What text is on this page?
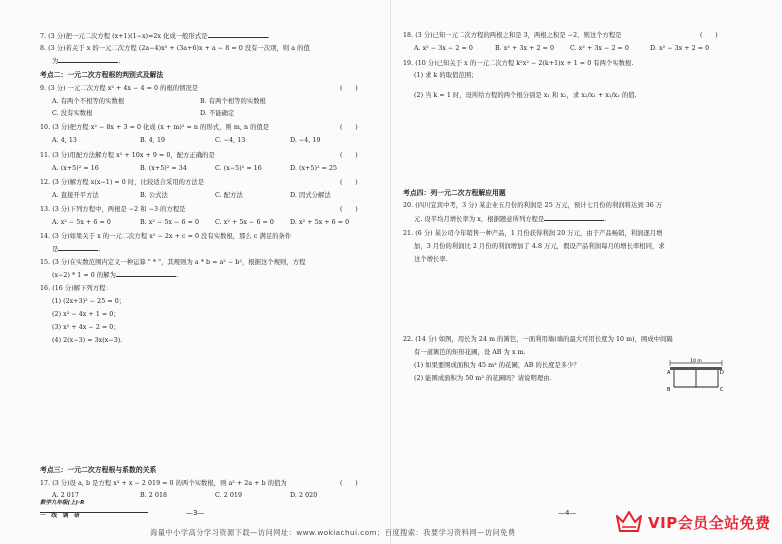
7. (3 分)把一元二次方程 (x+1)(1−x)=2x 化成一般形式是	.
8. (3 分)若关于 x 的一元二次方程 (2a−4)x² + (3a+6)x + a − 8 = 0 没有一次项，则 a 的值
为	.
考点二：一元二次方程根的判别式及解法
9. (3 分) 一元二次方程 x² + 4x − 4 = 0 的根的情况是	(　　)
A. 有两个不相等的实数根	B. 有两个相等的实数根
C. 没有实数根	D. 不能确定
10. (3 分)把方程 x² − 8x + 3 = 0 化成 (x + m)² = n 的形式，则 m, n 的值是	(　　)
A. 4, 13	B. 4, 19	C. −4, 13	D. −4, 19
11. (3 分)用配方法解方程 x² + 10x + 9 = 0，配方正确的是	(　　)
A. (x+5)² = 16	B. (x+5)² = 34	C. (x−5)² = 16	D. (x+5)² = 25
12. (3 分)解方程 x(x−1) = 0 时，比较适合采用的方法是	(　　)
A. 直接开平方法	B. 公式法	C. 配方法	D. 因式分解法
13. (3 分)下列方程中，两根是 −2 和 −3 的方程是	(　　)
A. x² − 5x + 6 = 0	B. x² − 5x − 6 = 0	C. x² + 5x − 6 = 0	D. x² + 5x + 6 = 0
14. (3 分)如果关于 x 的一元二次方程 x² − 2x + c = 0 没有实数根，那么 c 满足的条件
是	.
15. (3 分)在实数范围内定义一种运算 " * "，其规则为 a * b = a² − b²，根据这个规则，方程
(x−2) * 1 = 0 的解为	.
16. (16 分)解下列方程：
(1) (2x+3)² − 25 = 0；
(2) x² − 4x + 1 = 0；
(3) x² + 4x − 2 = 0；
(4) 2(x−3) = 3x(x−3).
考点三：一元二次方程根与系数的关系
17. (3 分)设 a, b 是方程 x² + x − 2 019 = 0 的两个实数根，则 a² + 2a + b 的值为	(　　)
A. 2 017	B. 2 018	C. 2 019	D. 2 020
数学九年级(上)·R
一 线 调 研	—3—
18. (3 分)已知一元二次方程的两根之和是 3，两根之积是 −2，则这个方程是	(　　)
A. x² − 3x − 2 = 0	B. x² + 3x + 2 = 0	C. x² + 3x − 2 = 0	D. x² − 3x + 2 = 0
19. (10 分)已知关于 x 的一元二次方程 k²x² − 2(k+1)x + 1 = 0 有两个实数根.
(1) 求 k 的取值范围；
(2) 当 k = 1 时，设所给方程的两个根分别是 x₁ 和 x₂，求 x₂/x₁ + x₁/x₂ 的值.
考点四：列一元二次方程解应用题
20. (四川宜宾中考，3 分) 某企业五月份的利润是 25 万元，预计七月份的利润将达到 36 万
元. 设平均月增长率为 x，根据题意所列方程是	.
21. (6 分) 某公司今年销售一种产品，1 月份获得利润 20 万元，由于产品畅销，利润逐月增
加，3 月份的利润比 2 月份的利润增加了 4.8 万元，假设产品利润每月的增长率相同，求
这个增长率.
22. (14 分) 如图，用长为 24 m 的篱笆，一面利用墙(墙的最大可用长度为 10 m)，围成中间隔
有一道篱笆的矩形花圃，设 AB 为 x m.
(1) 如果要围成面积为 45 m² 的花圃，AB 的长度是多少？
(2) 能围成面积为 50 m² 的花圃吗？请说明理由.
10 m
A
B	C
D
—4—
海量中小学高分学习资源下载—访问网址：www.wokiachui.com；百度搜索：我要学习资料网—访问免费
VIP会员全站免费
